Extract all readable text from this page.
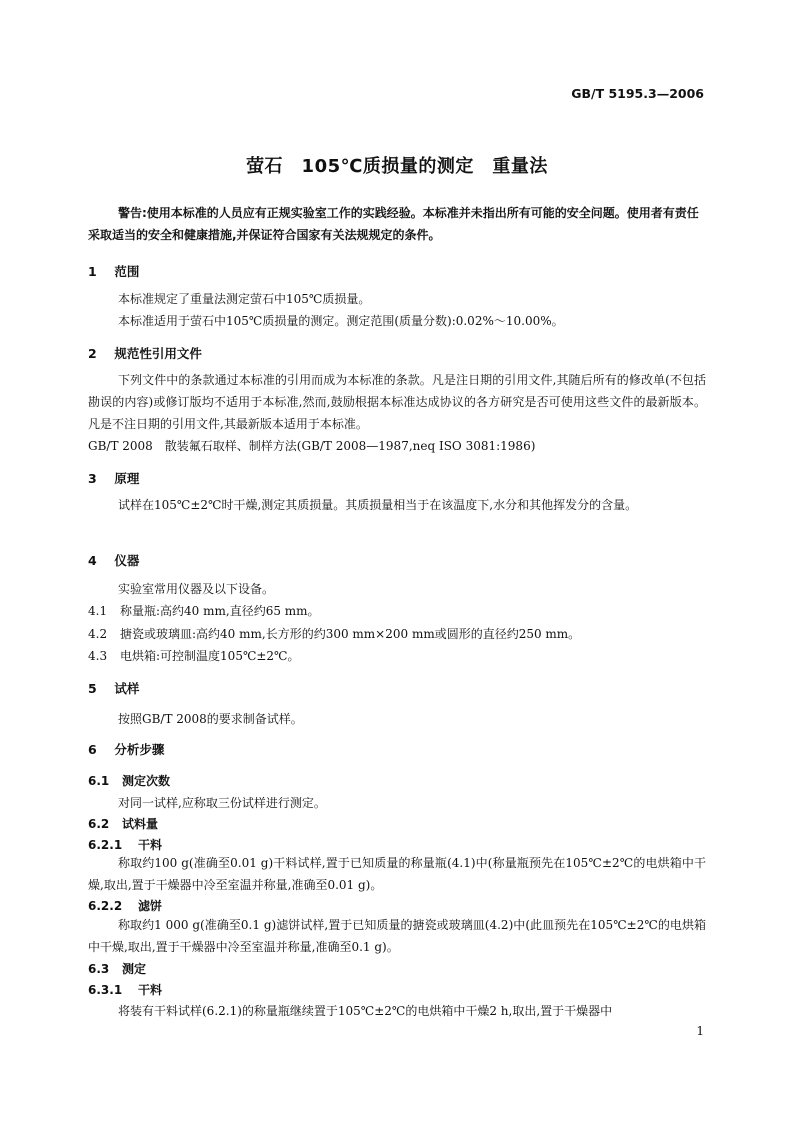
GB/T 5195.3—2006
萤石　105℃质损量的测定　重量法
警告:使用本标准的人员应有正规实验室工作的实践经验。本标准并未指出所有可能的安全问题。使用者有责任采取适当的安全和健康措施,并保证符合国家有关法规规定的条件。
1 范围
本标准规定了重量法测定萤石中105℃质损量。
本标准适用于萤石中105℃质损量的测定。测定范围(质量分数):0.02%～10.00%。
2 规范性引用文件
下列文件中的条款通过本标准的引用而成为本标准的条款。凡是注日期的引用文件,其随后所有的修改单(不包括勘误的内容)或修订版均不适用于本标准,然而,鼓励根据本标准达成协议的各方研究是否可使用这些文件的最新版本。凡是不注日期的引用文件,其最新版本适用于本标准。
GB/T 2008　散装氟石取样、制样方法(GB/T 2008—1987,neq ISO 3081:1986)
3 原理
试样在105℃±2℃时干燥,测定其质损量。其质损量相当于在该温度下,水分和其他挥发分的含量。
4 仪器
实验室常用仪器及以下设备。
4.1 称量瓶:高约40 mm,直径约65 mm。
4.2 搪瓷或玻璃皿:高约40 mm,长方形的约300 mm×200 mm或圆形的直径约250 mm。
4.3 电烘箱:可控制温度105℃±2℃。
5 试样
按照GB/T 2008的要求制备试样。
6 分析步骤
6.1 测定次数
对同一试样,应称取三份试样进行测定。
6.2 试料量
6.2.1 干料
称取约100 g(准确至0.01 g)干料试样,置于已知质量的称量瓶(4.1)中(称量瓶预先在105℃±2℃的电烘箱中干燥,取出,置于干燥器中冷至室温并称量,准确至0.01 g)。
6.2.2 滤饼
称取约1 000 g(准确至0.1 g)滤饼试样,置于已知质量的搪瓷或玻璃皿(4.2)中(此皿预先在105℃±2℃的电烘箱中干燥,取出,置于干燥器中冷至室温并称量,准确至0.1 g)。
6.3 测定
6.3.1 干料
将装有干料试样(6.2.1)的称量瓶继续置于105℃±2℃的电烘箱中干燥2 h,取出,置于干燥器中
1
